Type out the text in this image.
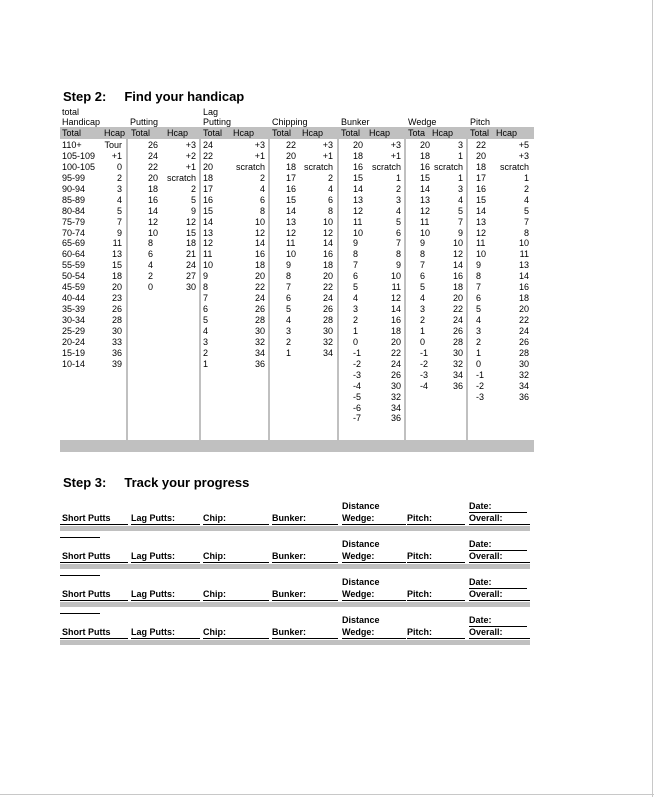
Step 2: Find your handicap
total
Handicap
Total	Hcap
110+	Tour
105-109 +1
100-105 0
95-99	2
90-94	3
85-89	4
80-84	5
75-79	7
70-74	9
65-69	11
60-64	13
55-59	15
50-54	18
45-59	20
40-44	23
35-39	26
30-34	28
25-29	30
20-24	33
15-19	36
10-14	39
Putting
Total Hcap
26	+3
24	+2
22	+1
20 scratch
18	2
16	5
14	9
12	12
10	15
8	18
6	21
4	24
2	27
0	30
Lag
Putting
Total Hcap
24	+3
22	+1
20	scratch
18	2
17	4
16	6
15	8
14	10
13	12
12	14
11	16
10	18
9	20
8	22
7	24
6	26
5	28
4	30
3	32
2	34
1	36
Chipping
Total Hcap
22	+3
20	+1
18 scratch
17	2
16	4
15	6
14	8
13	10
12	12
11	14
10	16
9	18
8	20
7	22
6	24
5	26
4	28
3	30
2	32
1	34
Bunker
Total Hcap
20	+3
18	+1
16 scratch
15	1
14	2
13	3
12	4
11	5
10	6
9	7
8	8
7	9
6	10
5	11
4	12
3	14
2	16
1	18
0	20
-1	22
-2	24
-3	26
-4	30
-5	32
-6	34
-7	36
Wedge
Tota Hcap
20	3
18	1
16 scratch
15	1
14	3
13	4
12	5
11	7
10	9
9	10
8	12
7	14
6	16
5	18
4	20
3	22
2	24
1	26
0	28
-1	30
-2	32
-3	34
-4	36
Pitch
Total Hcap
22	+5
20	+3
18 scratch
17	1
16	2
15	4
14	5
13	7
12	8
11	10
10	11
9	13
8	14
7	16
6	18
5	20
4	22
3	24
2	26
1	28
0	30
-1	32
-2	34
-3	36
Step 3: Track your progress
Distance	Date:
Short Putts Lag Putts:	Chip:	Bunker:	Wedge:	Pitch:	Overall:
Distance	Date:
Short Putts Lag Putts:	Chip:	Bunker:	Wedge:	Pitch:	Overall:
Distance	Date:
Short Putts Lag Putts:	Chip:	Bunker:	Wedge:	Pitch:	Overall:
Distance	Date:
Short Putts Lag Putts:	Chip:	Bunker:	Wedge:	Pitch:	Overall:
